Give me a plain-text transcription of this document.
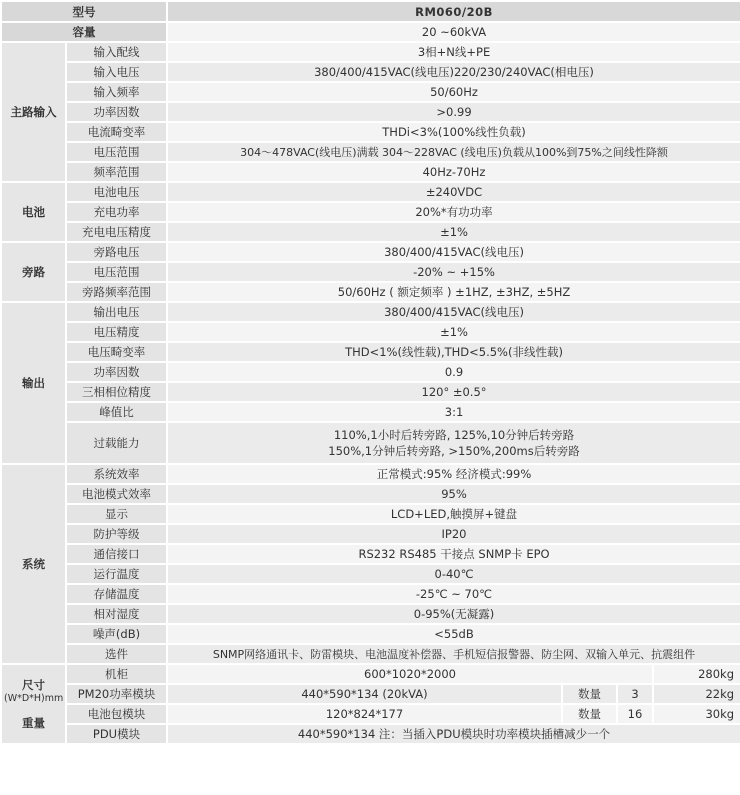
型号		RM060/20B			
容量		20 ~60kVA			
主路输入	输入配线	3相+N线+PE			
	输入电压	380/400/415VAC(线电压)220/230/240VAC(相电压)			
	输入频率	50/60Hz			
	功率因数	>0.99			
	电流畸变率	THDi<3%(100%线性负载)			
	电压范围	304～478VAC(线电压)满载 304～228VAC (线电压)负载从100%到75%之间线性降额			
	频率范围	40Hz-70Hz			
电池	电池电压	±240VDC			
	充电功率	20%*有功功率			
	充电电压精度	±1%			
旁路	旁路电压	380/400/415VAC(线电压)			
	电压范围	-20% ~ +15%			
	旁路频率范围	50/60Hz ( 额定频率 ) ±1HZ, ±3HZ, ±5HZ			
输出	输出电压	380/400/415VAC(线电压)			
	电压精度	±1%			
	电压畸变率	THD<1%(线性载),THD<5.5%(非线性载)			
	功率因数	0.9			
	三相相位精度	120° ±0.5°			
	峰值比	3:1			
	过载能力	110%,1小时后转旁路, 125%,10分钟后转旁路
150%,1分钟后转旁路, >150%,200ms后转旁路			

系统	系统效率	正常模式:95% 经济模式:99%			
	电池模式效率	95%			
	显示	LCD+LED,触摸屏+键盘			
	防护等级	IP20			
	通信接口	RS232 RS485 干接点 SNMP卡 EPO			
	运行温度	0-40℃			
	存储温度	-25℃ ~ 70℃			
	相对湿度	0-95%(无凝露)			
	噪声(dB)	<55dB			
	选件	SNMP网络通讯卡、防雷模块、电池温度补偿器、手机短信报警器、防尘网、双输入单元、抗震组件			

尺寸
(W*D*H)mm
重量	机柜	600*1020*2000			280kg
	PM20功率模块	440*590*134 (20kVA)	数量	3	22kg
	电池包模块	120*824*177	数量	16	30kg
	PDU模块	440*590*134 注：当插入PDU模块时功率模块插槽减少一个			
